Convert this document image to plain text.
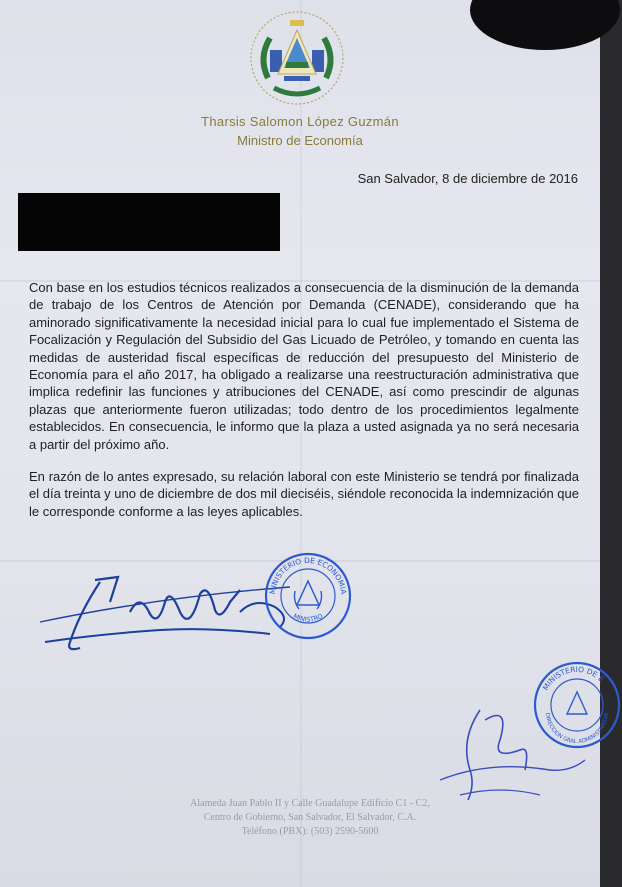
Tharsis Salomon López Guzmán
Ministro de Economía
San Salvador, 8 de diciembre de 2016
Con base en los estudios técnicos realizados a consecuencia de la disminución de la demanda de trabajo de los Centros de Atención por Demanda (CENADE), considerando que ha aminorado significativamente la necesidad inicial para lo cual fue implementado el Sistema de Focalización y Regulación del Subsidio del Gas Licuado de Petróleo, y tomando en cuenta las medidas de austeridad fiscal específicas de reducción del presupuesto del Ministerio de Economía para el año 2017, ha obligado a realizarse una reestructuración administrativa que implica redefinir las funciones y atribuciones del CENADE, así como prescindir de algunas plazas que anteriormente fueron utilizadas; todo dentro de los procedimientos legalmente establecidos. En consecuencia, le informo que la plaza a usted asignada ya no será necesaria a partir del próximo año.
En razón de lo antes expresado, su relación laboral con este Ministerio se tendrá por finalizada el día treinta y uno de diciembre de dos mil dieciséis, siéndole reconocida la indemnización que le corresponde conforme a las leyes aplicables.
MINISTERIO DE ECONOMIA
MINISTRO
MINISTERIO DE E
DIRECCION GRAL ADMINISTRATIVA
Alameda Juan Pablo II y Calle Guadalupe Edificio C1 - C2,
Centro de Gobierno, San Salvador, El Salvador, C.A.
Teléfono (PBX): (503) 2590-5600
